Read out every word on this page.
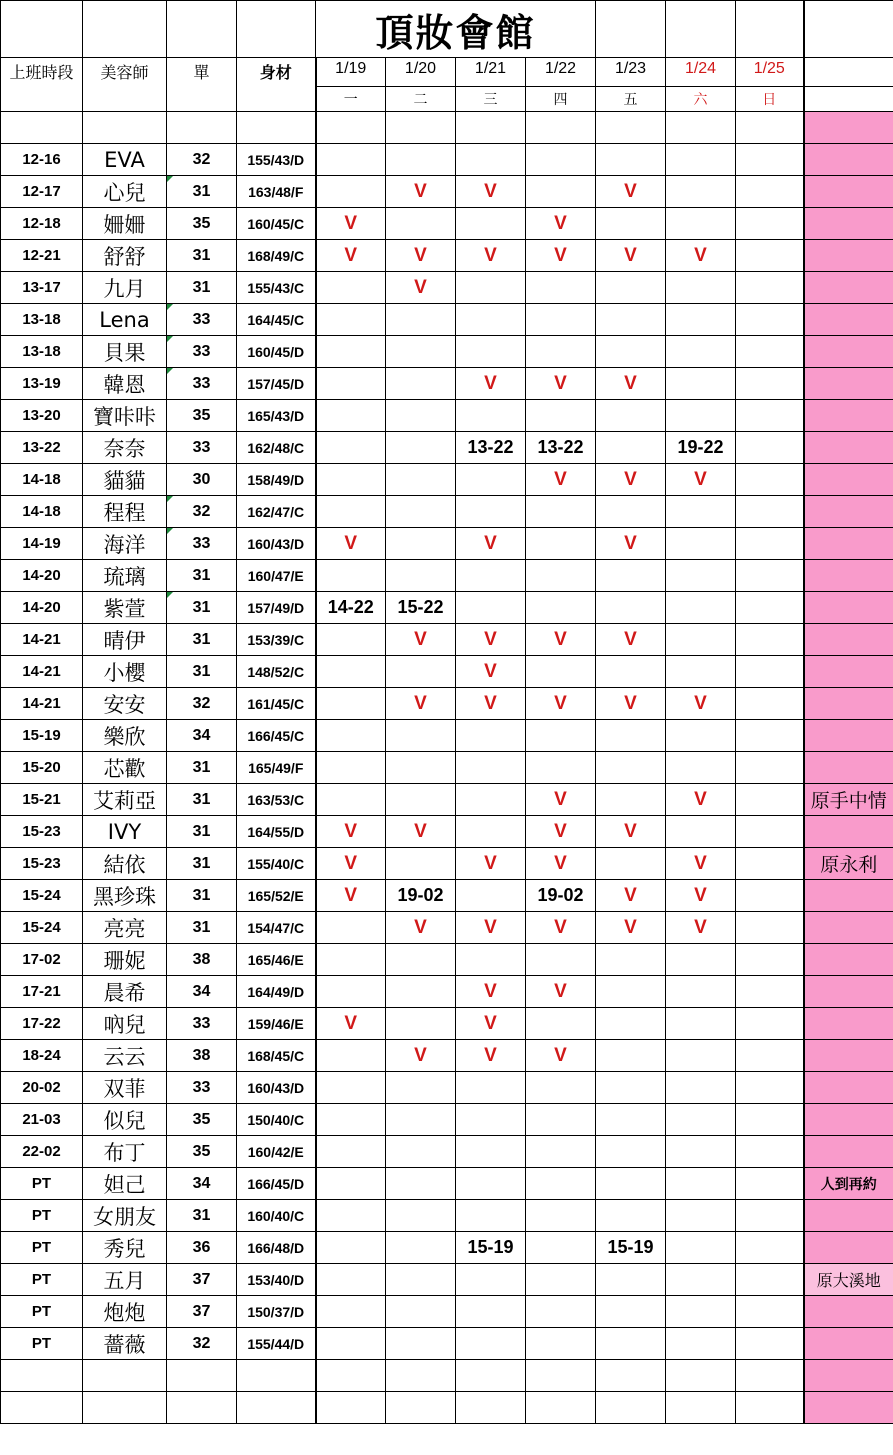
				頂妝會館							
上班時段	美容師	單	身材	1/19	1/20	1/21	1/22	1/23	1/24	1/25	
				一	二	三	四	五	六	日	

12-16	EVA	32	155/43/D								
12-17	心兒	31	163/48/F		V	V		V			
12-18	姍姍	35	160/45/C	V			V				
12-21	舒舒	31	168/49/C	V	V	V	V	V	V		
13-17	九月	31	155/43/C		V						
13-18	Lena	33	164/45/C								
13-18	貝果	33	160/45/D								
13-19	韓恩	33	157/45/D			V	V	V			
13-20	寶咔咔	35	165/43/D								
13-22	奈奈	33	162/48/C			13-22	13-22		19-22		
14-18	貓貓	30	158/49/D				V	V	V		
14-18	程程	32	162/47/C								
14-19	海洋	33	160/43/D	V		V		V			
14-20	琉璃	31	160/47/E								
14-20	紫萱	31	157/49/D	14-22	15-22						
14-21	晴伊	31	153/39/C		V	V	V	V			
14-21	小櫻	31	148/52/C			V					
14-21	安安	32	161/45/C		V	V	V	V	V		
15-19	樂欣	34	166/45/C								
15-20	芯歡	31	165/49/F								
15-21	艾莉亞	31	163/53/C				V		V		原手中情
15-23	IVY	31	164/55/D	V	V		V	V			
15-23	結依	31	155/40/C	V		V	V		V		原永利
15-24	黑珍珠	31	165/52/E	V	19-02		19-02	V	V		
15-24	亮亮	31	154/47/C		V	V	V	V	V		
17-02	珊妮	38	165/46/E								
17-21	晨希	34	164/49/D			V	V				
17-22	吶兒	33	159/46/E	V		V					
18-24	云云	38	168/45/C		V	V	V				
20-02	双菲	33	160/43/D								
21-03	似兒	35	150/40/C								
22-02	布丁	35	160/42/E								
PT	妲己	34	166/45/D								人到再約
PT	女朋友	31	160/40/C								
PT	秀兒	36	166/48/D			15-19		15-19			
PT	五月	37	153/40/D								原大溪地
PT	炮炮	37	150/37/D								
PT	薔薇	32	155/44/D								
